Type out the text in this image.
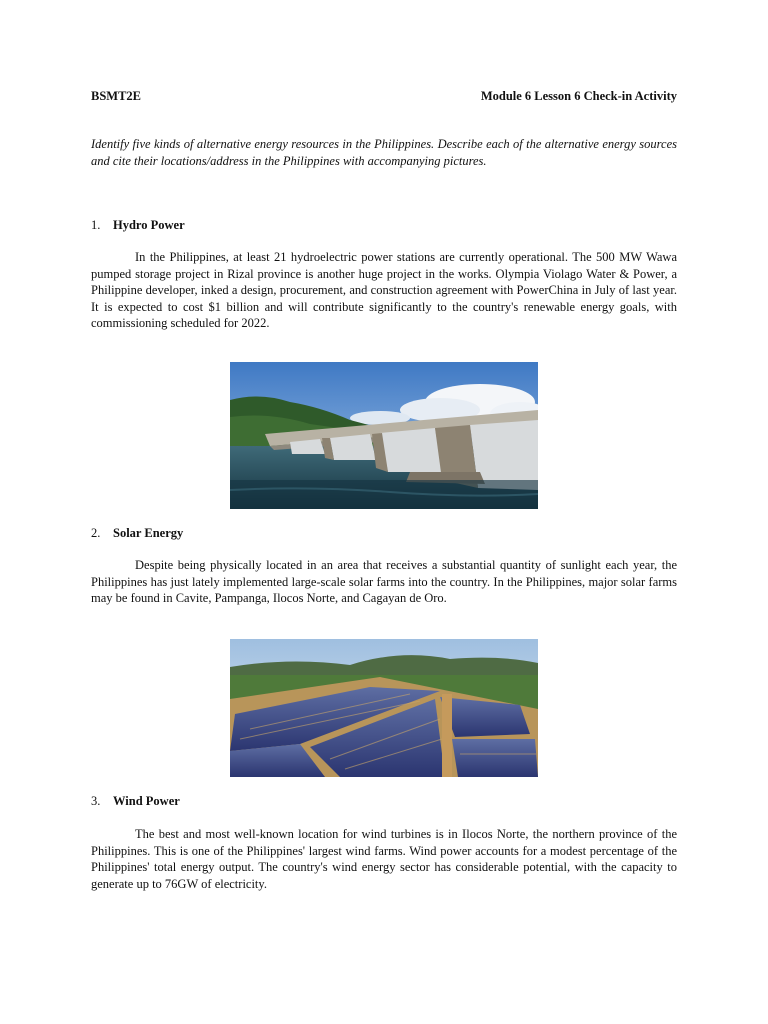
BSMT2E	Module 6 Lesson 6 Check-in Activity
Identify five kinds of alternative energy resources in the Philippines. Describe each of the alternative energy sources and cite their locations/address in the Philippines with accompanying pictures.
1. Hydro Power
In the Philippines, at least 21 hydroelectric power stations are currently operational. The 500 MW Wawa pumped storage project in Rizal province is another huge project in the works. Olympia Violago Water & Power, a Philippine developer, inked a design, procurement, and construction agreement with PowerChina in July of last year. It is expected to cost $1 billion and will contribute significantly to the country's renewable energy goals, with commissioning scheduled for 2022.
2. Solar Energy
Despite being physically located in an area that receives a substantial quantity of sunlight each year, the Philippines has just lately implemented large-scale solar farms into the country. In the Philippines, major solar farms may be found in Cavite, Pampanga, Ilocos Norte, and Cagayan de Oro.
3. Wind Power
The best and most well-known location for wind turbines is in Ilocos Norte, the northern province of the Philippines. This is one of the Philippines' largest wind farms. Wind power accounts for a modest percentage of the Philippines' total energy output. The country's wind energy sector has considerable potential, with the capacity to generate up to 76GW of electricity.
